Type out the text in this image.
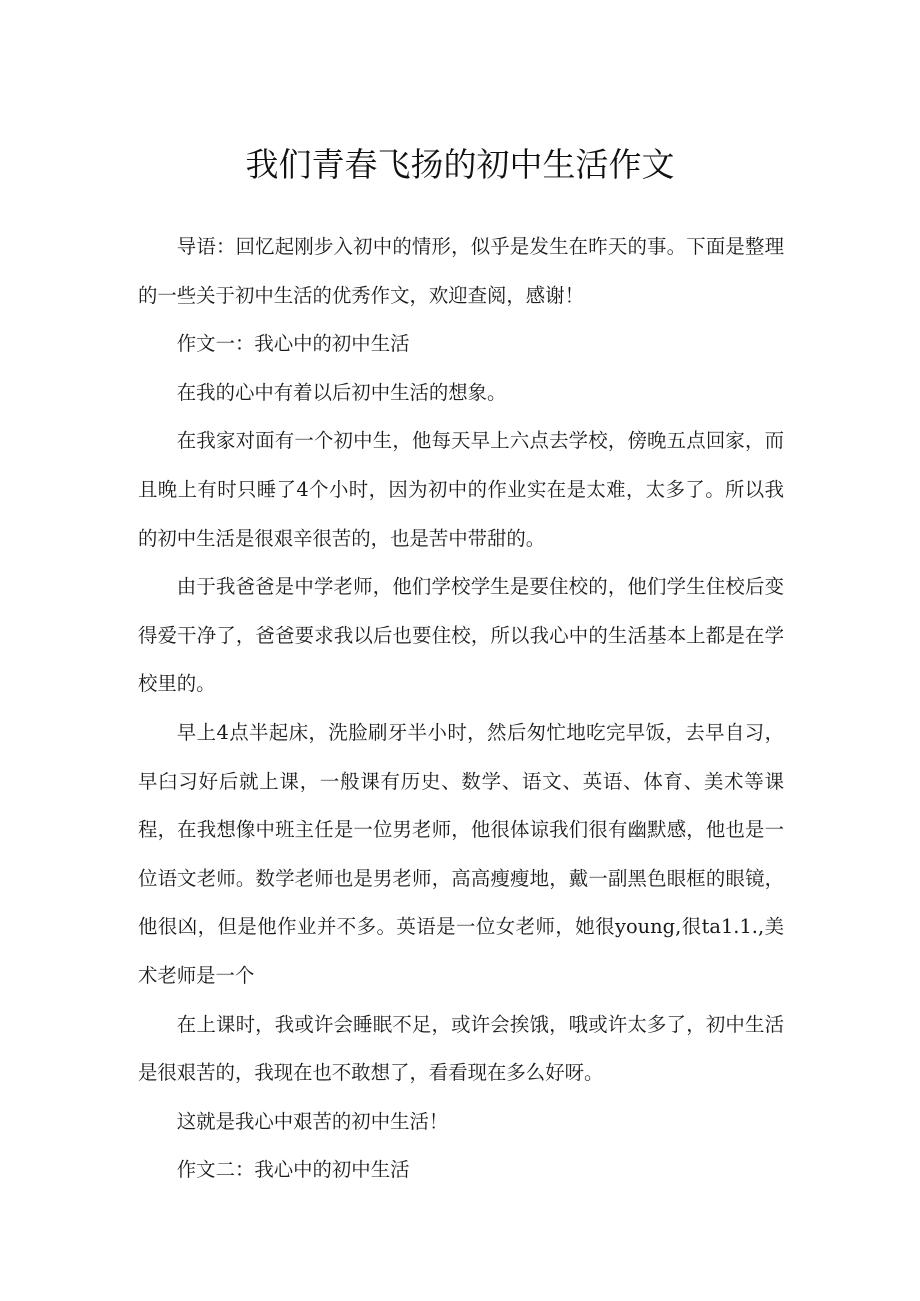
我们青春飞扬的初中生活作文

导语：回忆起刚步入初中的情形，似乎是发生在昨天的事。下面是整理的一些关于初中生活的优秀作文，欢迎查阅，感谢！

作文一：我心中的初中生活

在我的心中有着以后初中生活的想象。

在我家对面有一个初中生，他每天早上六点去学校，傍晚五点回家，而且晚上有时只睡了4个小时，因为初中的作业实在是太难，太多了。所以我的初中生活是很艰辛很苦的，也是苦中带甜的。

由于我爸爸是中学老师，他们学校学生是要住校的，他们学生住校后变得爱干净了，爸爸要求我以后也要住校，所以我心中的生活基本上都是在学校里的。

早上4点半起床，洗脸刷牙半小时，然后匆忙地吃完早饭，去早自习，早臼习好后就上课，一般课有历史、数学、语文、英语、体育、美术等课程，在我想像中班主任是一位男老师，他很体谅我们很有幽默感，他也是一位语文老师。数学老师也是男老师，高高瘦瘦地，戴一副黑色眼框的眼镜，他很凶，但是他作业并不多。英语是一位女老师，她很young,很ta1.1.,美术老师是一个

在上课时，我或许会睡眠不足，或许会挨饿，哦或许太多了，初中生活是很艰苦的，我现在也不敢想了，看看现在多么好呀。

这就是我心中艰苦的初中生活！

作文二：我心中的初中生活
